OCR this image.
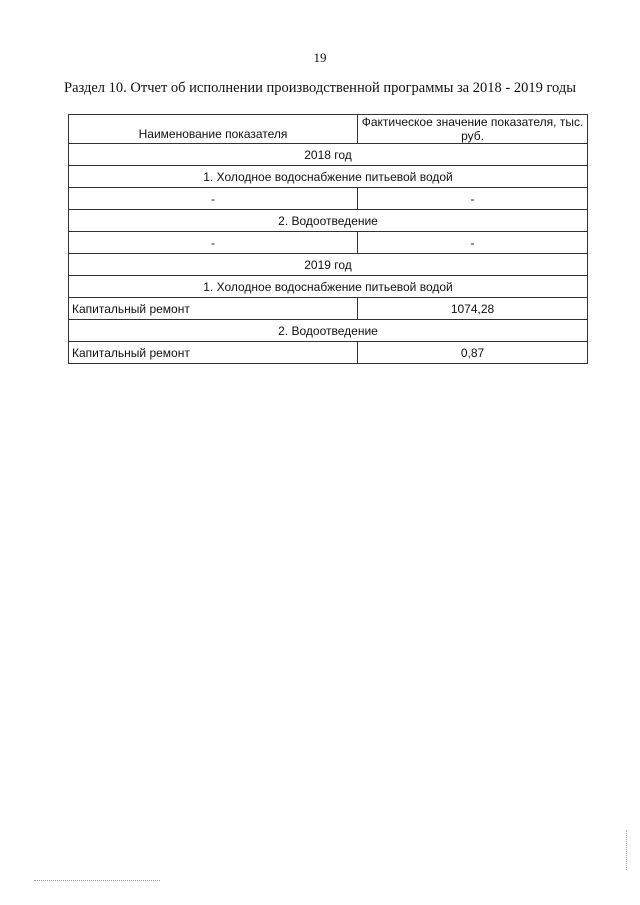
19
Раздел 10. Отчет об исполнении производственной программы за 2018 - 2019 годы
Наименование показателя	Фактическое значение показателя, тыс. руб.
2018 год	
1. Холодное водоснабжение питьевой водой	
-	-
2. Водоотведение	
-	-
2019 год	
1. Холодное водоснабжение питьевой водой	
Капитальный ремонт	1074,28
2. Водоотведение	
Капитальный ремонт	0,87
